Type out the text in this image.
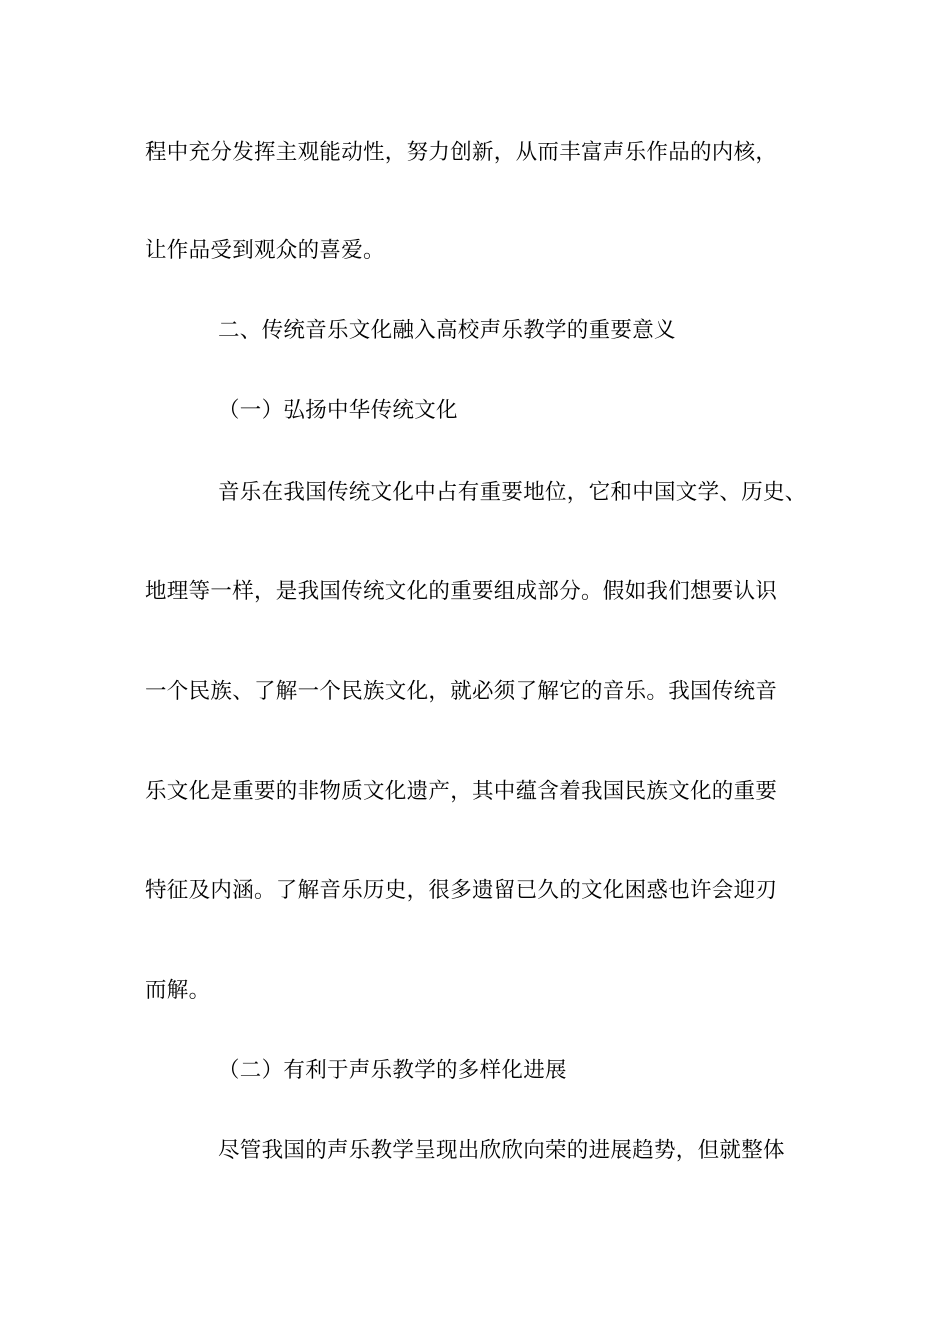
程中充分发挥主观能动性，努力创新，从而丰富声乐作品的内核，
让作品受到观众的喜爱。
二、传统音乐文化融入高校声乐教学的重要意义
（一）弘扬中华传统文化
音乐在我国传统文化中占有重要地位，它和中国文学、历史、
地理等一样，是我国传统文化的重要组成部分。假如我们想要认识
一个民族、了解一个民族文化，就必须了解它的音乐。我国传统音
乐文化是重要的非物质文化遗产，其中蕴含着我国民族文化的重要
特征及内涵。了解音乐历史，很多遗留已久的文化困惑也许会迎刃
而解。
（二）有利于声乐教学的多样化进展
尽管我国的声乐教学呈现出欣欣向荣的进展趋势，但就整体
